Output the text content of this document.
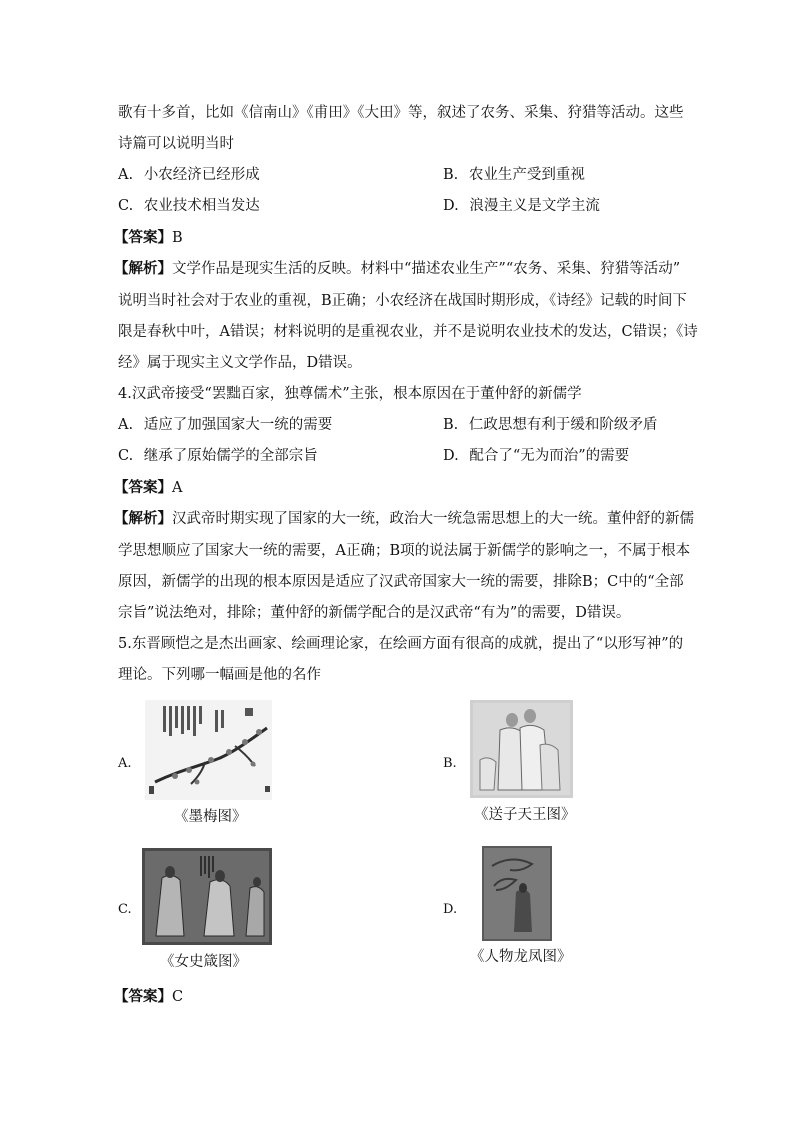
歌有十多首，比如《信南山》《甫田》《大田》等，叙述了农务、采集、狩猎等活动。这些
诗篇可以说明当时
A. 小农经济已经形成	B. 农业生产受到重视
C. 农业技术相当发达	D. 浪漫主义是文学主流
【答案】B
【解析】文学作品是现实生活的反映。材料中“描述农业生产”“农务、采集、狩猎等活动”
说明当时社会对于农业的重视，B正确；小农经济在战国时期形成，《诗经》记载的时间下
限是春秋中叶，A错误；材料说明的是重视农业，并不是说明农业技术的发达，C错误；《诗
经》属于现实主义文学作品，D错误。
4.汉武帝接受“罢黜百家，独尊儒术”主张，根本原因在于董仲舒的新儒学
A. 适应了加强国家大一统的需要	B. 仁政思想有利于缓和阶级矛盾
C. 继承了原始儒学的全部宗旨	D. 配合了“无为而治”的需要
【答案】A
【解析】汉武帝时期实现了国家的大一统，政治大一统急需思想上的大一统。董仲舒的新儒
学思想顺应了国家大一统的需要，A正确；B项的说法属于新儒学的影响之一，不属于根本
原因，新儒学的出现的根本原因是适应了汉武帝国家大一统的需要，排除B；C中的“全部
宗旨”说法绝对，排除；董仲舒的新儒学配合的是汉武帝“有为”的需要，D错误。
5.东晋顾恺之是杰出画家、绘画理论家，在绘画方面有很高的成就，提出了“以形写神”的
理论。下列哪一幅画是他的名作
A.
《墨梅图》
B.
《送子天王图》
C.
《女史箴图》
D.
《人物龙凤图》
【答案】C
